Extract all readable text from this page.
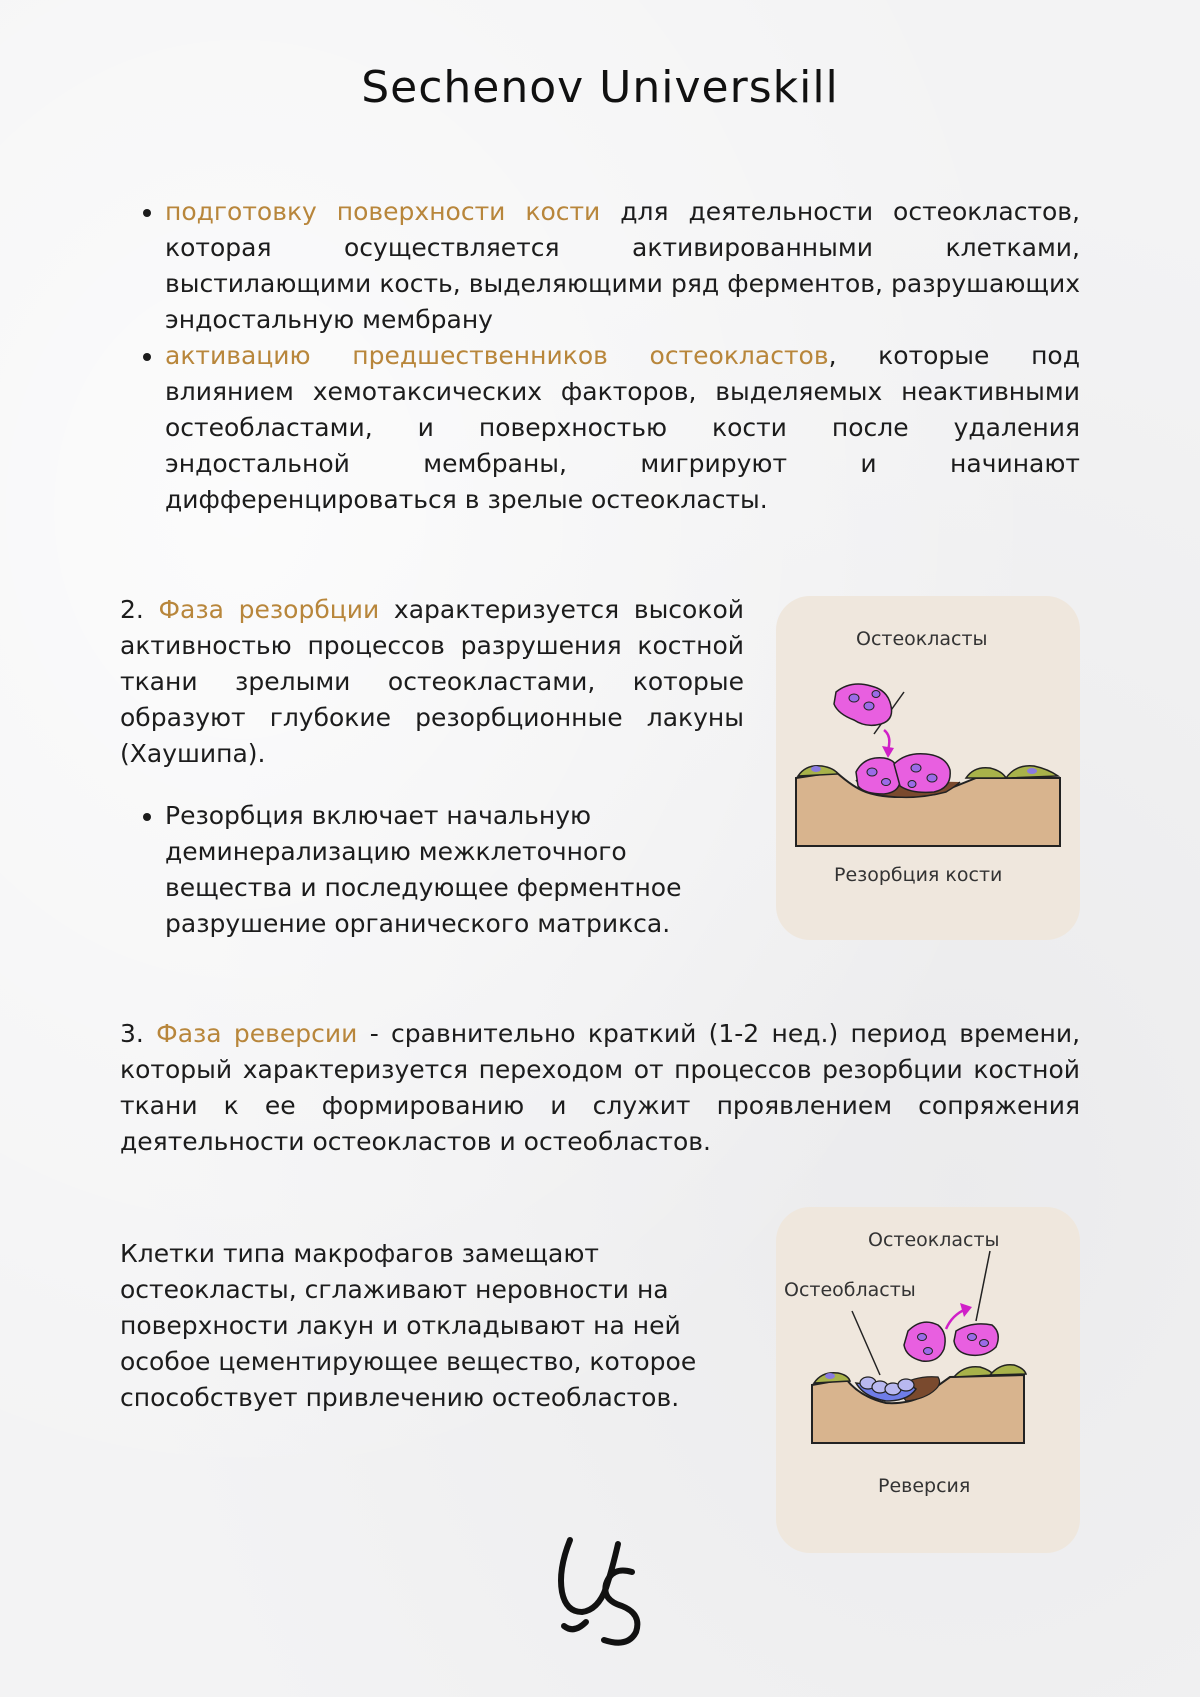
Sechenov Universkill
• подготовку поверхности кости для деятельности остеокластов, которая осуществляется активированными клетками, выстилающими кость, выделяющими ряд ферментов, разрушающих эндостальную мембрану
• активацию предшественников остеокластов, которые под влиянием хемотаксических факторов, выделяемых неактивными остеобластами, и поверхностью кости после удаления эндостальной мембраны, мигрируют и начинают дифференцироваться в зрелые остеокласты.
2. Фаза резорбции характеризуется высокой активностью процессов разрушения костной ткани зрелыми остеокластами, которые образуют глубокие резорбционные лакуны (Хаушипа).
• Резорбция включает начальную деминерализацию межклеточного вещества и последующее ферментное разрушение органического матрикса.
Остеокласты
Резорбция кости
3. Фаза реверсии - сравнительно краткий (1-2 нед.) период времени, который характеризуется переходом от процессов резорбции костной ткани к ее формированию и служит проявлением сопряжения деятельности остеокластов и остеобластов.
Клетки типа макрофагов замещают остеокласты, сглаживают неровности на поверхности лакун и откладывают на ней особое цементирующее вещество, которое способствует привлечению остеобластов.
Остеокласты
Остеобласты
Реверсия
